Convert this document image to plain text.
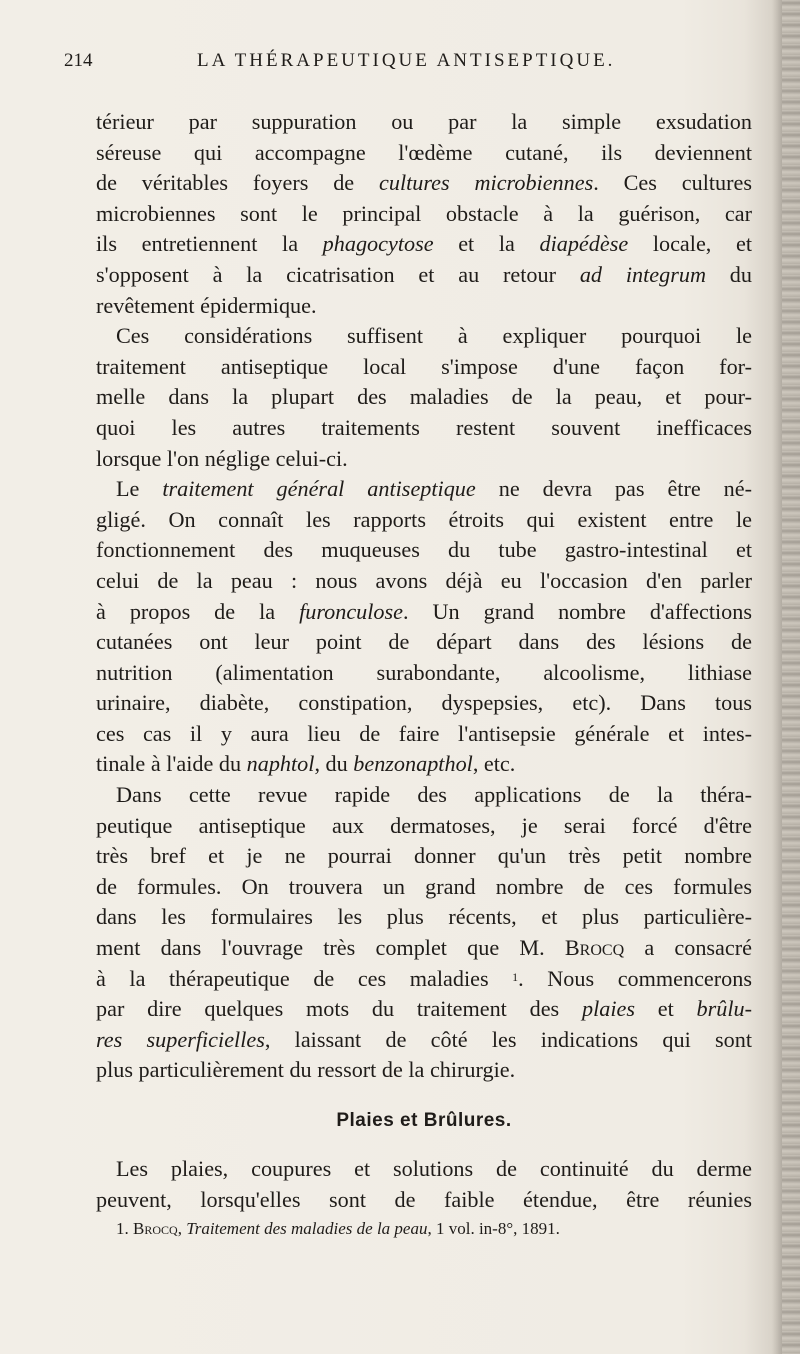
214	LA THÉRAPEUTIQUE ANTISEPTIQUE.
térieur par suppuration ou par la simple exsudation
séreuse qui accompagne l'œdème cutané, ils deviennent
de véritables foyers de cultures microbiennes. Ces cultures
microbiennes sont le principal obstacle à la guérison, car
ils entretiennent la phagocytose et la diapédèse locale, et
s'opposent à la cicatrisation et au retour ad integrum du
revêtement épidermique.
Ces considérations suffisent à expliquer pourquoi le
traitement antiseptique local s'impose d'une façon for-
melle dans la plupart des maladies de la peau, et pour-
quoi les autres traitements restent souvent inefficaces
lorsque l'on néglige celui-ci.
Le traitement général antiseptique ne devra pas être né-
gligé. On connaît les rapports étroits qui existent entre le
fonctionnement des muqueuses du tube gastro-intestinal et
celui de la peau : nous avons déjà eu l'occasion d'en parler
à propos de la furonculose. Un grand nombre d'affections
cutanées ont leur point de départ dans des lésions de
nutrition (alimentation surabondante, alcoolisme, lithiase
urinaire, diabète, constipation, dyspepsies, etc). Dans tous
ces cas il y aura lieu de faire l'antisepsie générale et intes-
tinale à l'aide du naphtol, du benzonapthol, etc.
Dans cette revue rapide des applications de la théra-
peutique antiseptique aux dermatoses, je serai forcé d'être
très bref et je ne pourrai donner qu'un très petit nombre
de formules. On trouvera un grand nombre de ces formules
dans les formulaires les plus récents, et plus particulière-
ment dans l'ouvrage très complet que M. Brocq a consacré
à la thérapeutique de ces maladies $^1$. Nous commencerons
par dire quelques mots du traitement des plaies et brûlu-
res superficielles, laissant de côté les indications qui sont
plus particulièrement du ressort de la chirurgie.
Plaies et Brûlures.
Les plaies, coupures et solutions de continuité du derme
peuvent, lorsqu'elles sont de faible étendue, être réunies
1. Brocq, Traitement des maladies de la peau, 1 vol. in-8°, 1891.
